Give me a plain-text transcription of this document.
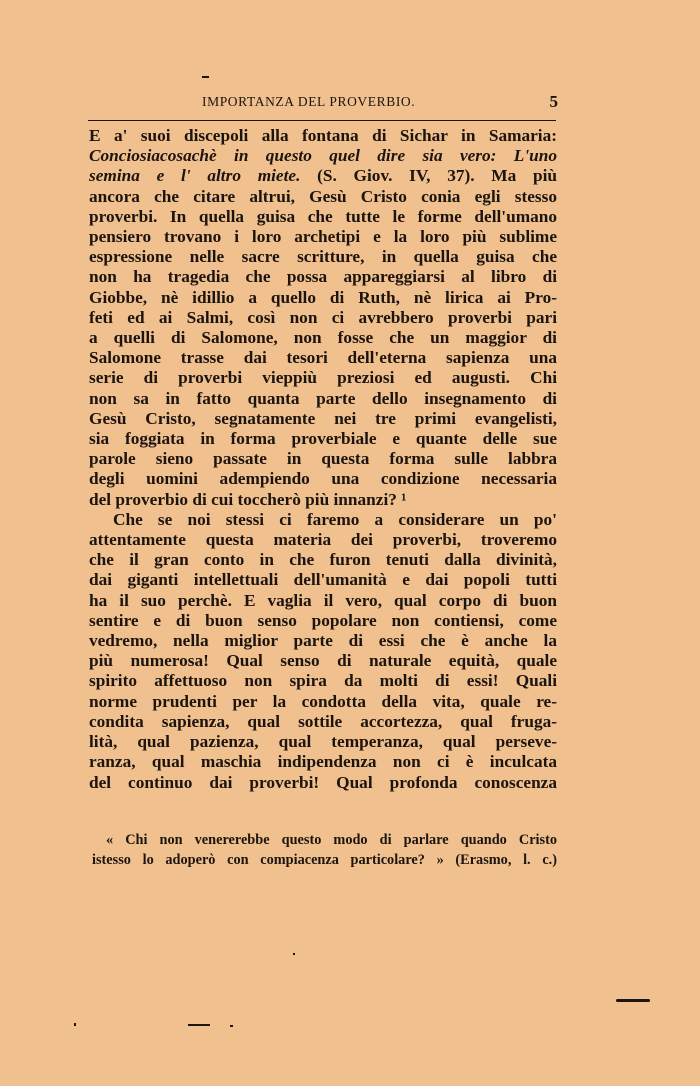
IMPORTANZA DEL PROVERBIO.	5
E a' suoi discepoli alla fontana di Sichar in Samaria:
Conciosiacosachè in questo quel dire sia vero: L'uno
semina e l' altro miete. (S. Giov. IV, 37). Ma più
ancora che citare altrui, Gesù Cristo conia egli stesso
proverbi. In quella guisa che tutte le forme dell'umano
pensiero trovano i loro archetipi e la loro più sublime
espressione nelle sacre scritture, in quella guisa che
non ha tragedia che possa appareggiarsi al libro di
Giobbe, nè idillio a quello di Ruth, nè lirica ai Pro-
feti ed ai Salmi, così non ci avrebbero proverbi pari
a quelli di Salomone, non fosse che un maggior di
Salomone trasse dai tesori dell'eterna sapienza una
serie di proverbi vieppiù preziosi ed augusti. Chi
non sa in fatto quanta parte dello insegnamento di
Gesù Cristo, segnatamente nei tre primi evangelisti,
sia foggiata in forma proverbiale e quante delle sue
parole sieno passate in questa forma sulle labbra
degli uomini adempiendo una condizione necessaria
del proverbio di cui toccherò più innanzi? ¹
Che se noi stessi ci faremo a considerare un po'
attentamente questa materia dei proverbi, troveremo
che il gran conto in che furon tenuti dalla divinità,
dai giganti intellettuali dell'umanità e dai popoli tutti
ha il suo perchè. E vaglia il vero, qual corpo di buon
sentire e di buon senso popolare non contiensi, come
vedremo, nella miglior parte di essi che è anche la
più numerosa! Qual senso di naturale equità, quale
spirito affettuoso non spira da molti di essi! Quali
norme prudenti per la condotta della vita, quale re-
condita sapienza, qual sottile accortezza, qual fruga-
lità, qual pazienza, qual temperanza, qual perseve-
ranza, qual maschia indipendenza non ci è inculcata
del continuo dai proverbi! Qual profonda conoscenza
« Chi non venererebbe questo modo di parlare quando Cristo
istesso lo adoperò con compiacenza particolare? » (Erasmo, l. c.)
